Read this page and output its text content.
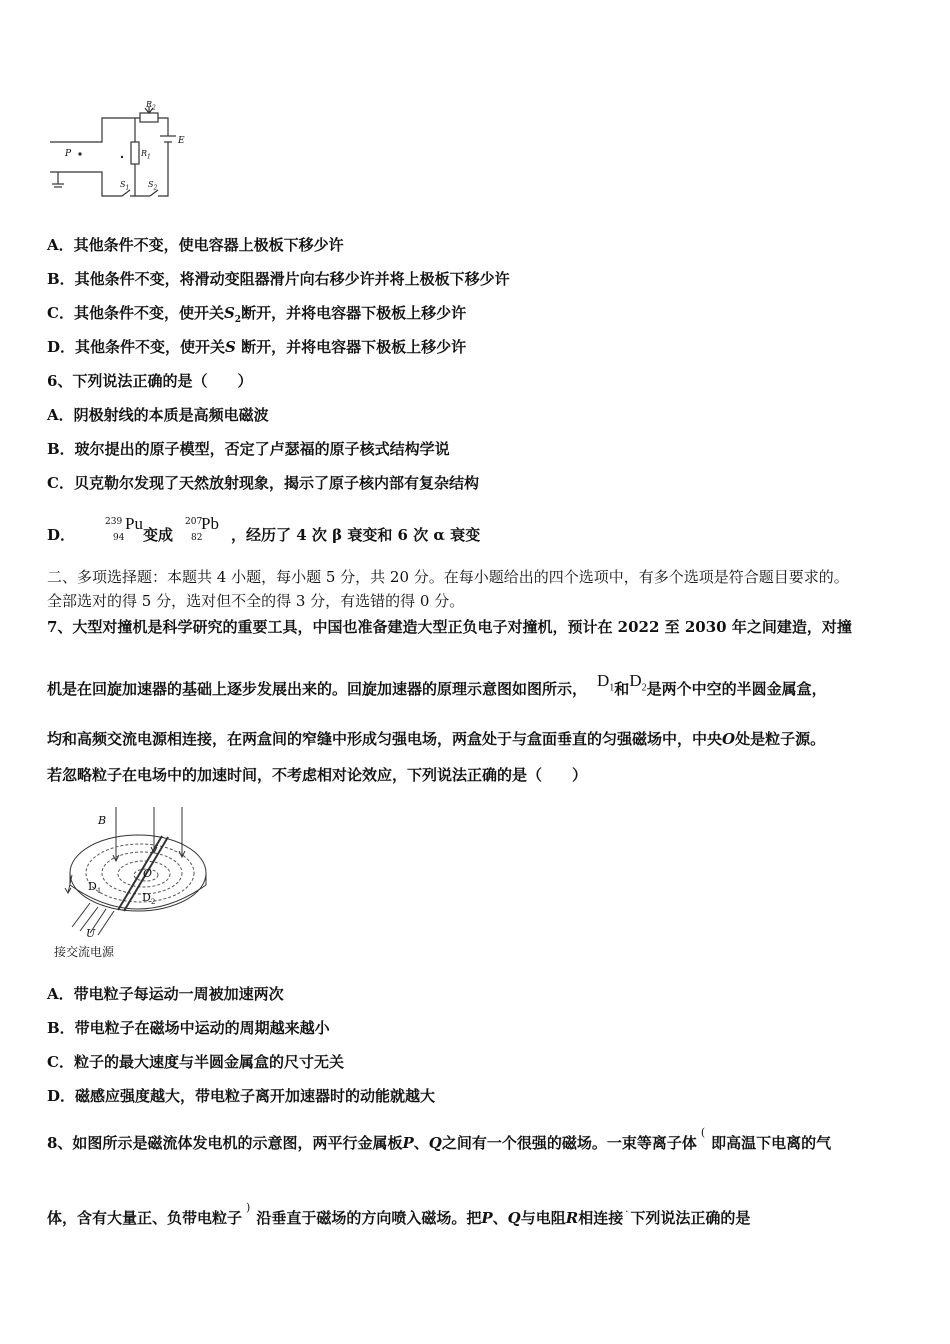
P
$R_2$
$R_1$
E
$S_1$ $S_2$
A．其他条件不变，使电容器上极板下移少许
B．其他条件不变，将滑动变阻器滑片向右移少许并将上极板下移少许
C．其他条件不变，使开关$S_2$断开，并将电容器下极板上移少许
D．其他条件不变，使开关S 断开，并将电容器下极板上移少许
6、下列说法正确的是（　　）
A．阴极射线的本质是高频电磁波
B．玻尔提出的原子模型，否定了卢瑟福的原子核式结构学说
C．贝克勒尔发现了天然放射现象，揭示了原子核内部有复杂结构
D．
239
94
Pu
变成
207
82
Pb
，经历了 4 次 β 衰变和 6 次 α 衰变
二、多项选择题：本题共 4 小题，每小题 5 分，共 20 分。在每小题给出的四个选项中，有多个选项是符合题目要求的。
全部选对的得 5 分，选对但不全的得 3 分，有选错的得 0 分。
7、大型对撞机是科学研究的重要工具，中国也准备建造大型正负电子对撞机，预计在 2022 至 2030 年之间建造，对撞
机是在回旋加速器的基础上逐步发展出来的。回旋加速器的原理示意图如图所示， $D_1$和$D_2$是两个中空的半圆金属盒，
均和高频交流电源相连接，在两盒间的窄缝中形成匀强电场，两盒处于与盒面垂直的匀强磁场中，中央O处是粒子源。
若忽略粒子在电场中的加速时间，不考虑相对论效应，下列说法正确的是（　　）
B
O
$D_1$	$D_2$
U
接交流电源
A．带电粒子每运动一周被加速两次
B．带电粒子在磁场中运动的周期越来越小
C．粒子的最大速度与半圆金属盒的尺寸无关
D．磁感应强度越大，带电粒子离开加速器时的动能就越大
8、如图所示是磁流体发电机的示意图，两平行金属板P、Q之间有一个很强的磁场。一束等离子体(即高温下电离的气
体，含有大量正、负带电粒子)沿垂直于磁场的方向喷入磁场。把P、Q与电阻R相连接 · 下列说法正确的是
